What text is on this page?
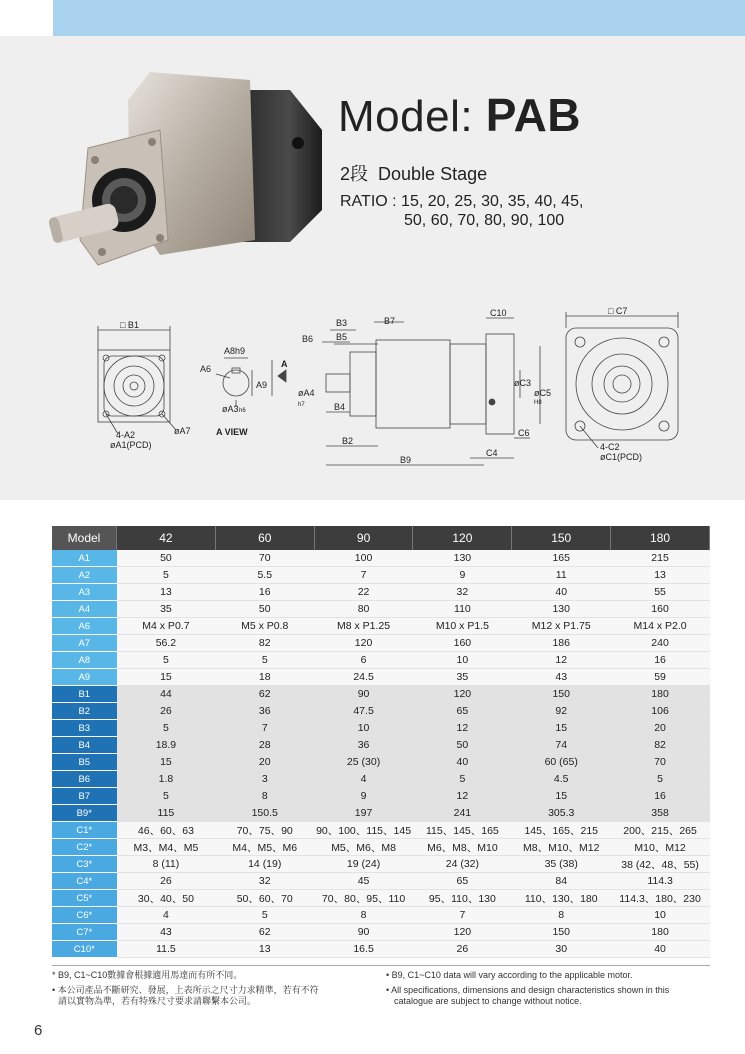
Model: PAB
2段 Double Stage
RATIO : 15, 20, 25, 30, 35, 40, 45,
50, 60, 70, 80, 90, 100
□ B1
4-A2
øA1(PCD)
øA7
A8h9
A6
A9
øA3 h6
A VIEW
A
øA4
h7
B3	B7
B6	B5
B4
B2
B9
C10
øC3
øC5
H8
C4
C6
□ C7
4-C2
øC1(PCD)
Model	42	60	90	120	150	180
A1	50	70	100	130	165	215
A2	5	5.5	7	9	11	13
A3	13	16	22	32	40	55
A4	35	50	80	110	130	160
A6	M4 x P0.7	M5 x P0.8	M8 x P1.25	M10 x P1.5	M12 x P1.75	M14 x P2.0
A7	56.2	82	120	160	186	240
A8	5	5	6	10	12	16
A9	15	18	24.5	35	43	59
B1	44	62	90	120	150	180
B2	26	36	47.5	65	92	106
B3	5	7	10	12	15	20
B4	18.9	28	36	50	74	82
B5	15	20	25 (30)	40	60 (65)	70
B6	1.8	3	4	5	4.5	5
B7	5	8	9	12	15	16
B9*	115	150.5	197	241	305.3	358
C1*	46、60、63	70、75、90	90、100、115、145	115、145、165	145、165、215	200、215、265
C2*	M3、M4、M5	M4、M5、M6	M5、M6、M8	M6、M8、M10	M8、M10、M12	M10、M12
C3*	8 (11)	14 (19)	19 (24)	24 (32)	35 (38)	38 (42、48、55)
C4*	26	32	45	65	84	114.3
C5*	30、40、50	50、60、70	70、80、95、110	95、110、130	110、130、180	114.3、180、230
C6*	4	5	8	7	8	10
C7*	43	62	90	120	150	180
C10*	11.5	13	16.5	26	30	40
* B9, C1~C10數據會根據適用馬達而有所不同。
• 本公司產品不斷研究、發展，上表所示之尺寸力求精準，若有不符
請以實物為準，若有特殊尺寸要求請聯繫本公司。
• B9, C1~C10 data will vary according to the applicable motor.
• All specifications, dimensions and design characteristics shown in this
catalogue are subject to change without notice.
6
